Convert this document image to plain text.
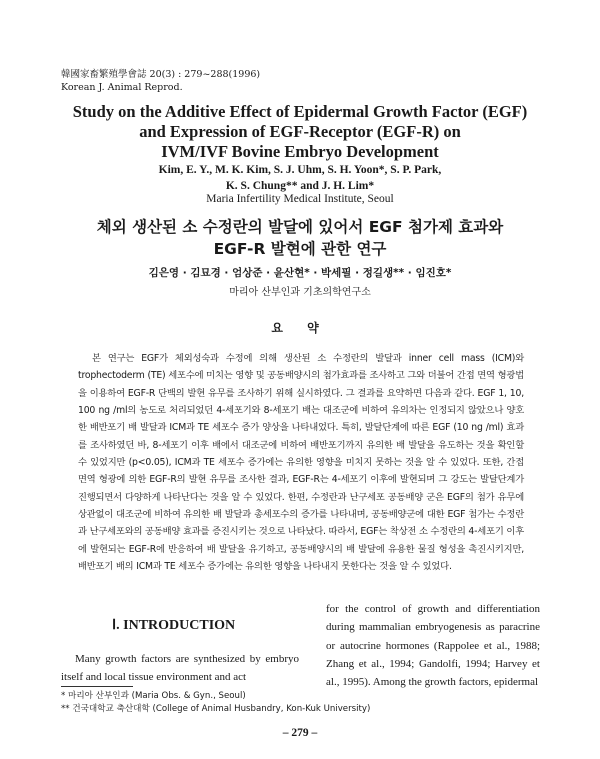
韓國家畜繁殖學會誌 20(3) : 279~288(1996)
Korean J. Animal Reprod.
Study on the Additive Effect of Epidermal Growth Factor (EGF)
and Expression of EGF-Receptor (EGF-R) on
IVM/IVF Bovine Embryo Development
Kim, E. Y., M. K. Kim, S. J. Uhm, S. H. Yoon*, S. P. Park,
K. S. Chung** and J. H. Lim*
Maria Infertility Medical Institute, Seoul
체외 생산된 소 수정란의 발달에 있어서 EGF 첨가제 효과와
EGF-R 발현에 관한 연구
김은영 · 김묘경 · 엄상준 · 윤산현* · 박세필 · 정길생** · 임진호*
마리아 산부인과 기초의학연구소
요 약
본 연구는 EGF가 체외성숙과 수정에 의해 생산된 소 수정란의 발달과 inner cell mass (ICM)와 trophectoderm (TE) 세포수에 미치는 영향 및 공동배양시의 첨가효과를 조사하고 그와 더불어 간접 면역 형광법을 이용하여 EGF-R 단백의 발현 유무를 조사하기 위해 실시하였다. 그 결과를 요약하면 다음과 같다. EGF 1, 10, 100 ng /ml의 농도로 처리되었던 4-세포기와 8-세포기 배는 대조군에 비하여 유의차는 인정되지 않았으나 양호한 배반포기 배 발달과 ICM과 TE 세포수 증가 양상을 나타내었다. 특히, 발달단계에 따른 EGF (10 ng /ml) 효과를 조사하였던 바, 8-세포기 이후 배에서 대조군에 비하여 배반포기까지 유의한 배 발달을 유도하는 것을 확인할 수 있었지만 (p<0.05), ICM과 TE 세포수 증가에는 유의한 영향을 미치지 못하는 것을 알 수 있었다. 또한, 간접 면역 형광에 의한 EGF-R의 발현 유무를 조사한 결과, EGF-R는 4-세포기 이후에 발현되며 그 강도는 발달단계가 진행되면서 다양하게 나타난다는 것을 알 수 있었다. 한편, 수정란과 난구세포 공동배양 군은 EGF의 첨가 유무에 상관없이 대조군에 비하여 유의한 배 발달과 총세포수의 증가를 나타내며, 공동배양군에 대한 EGF 첨가는 수정란과 난구세포와의 공동배양 효과를 증진시키는 것으로 나타났다. 따라서, EGF는 착상전 소 수정란의 4-세포기 이후에 발현되는 EGF-R에 반응하여 배 발달을 유기하고, 공동배양시의 배 발달에 유용한 물질 형성을 촉진시키지만, 배반포기 배의 ICM과 TE 세포수 증가에는 유의한 영향을 나타내지 못한다는 것을 알 수 있었다.
Ⅰ. INTRODUCTION
Many growth factors are synthesized by embryo itself and local tissue environment and act
for the control of growth and differentiation during mammalian embryogenesis as paracrine or autocrine hormones (Rappolee et al., 1988; Zhang et al., 1994; Gandolfi, 1994; Harvey et al., 1995). Among the growth factors, epidermal
* 마리아 산부인과 (Maria Obs. & Gyn., Seoul)
** 건국대학교 축산대학 (College of Animal Husbandry, Kon-Kuk University)
– 279 –
